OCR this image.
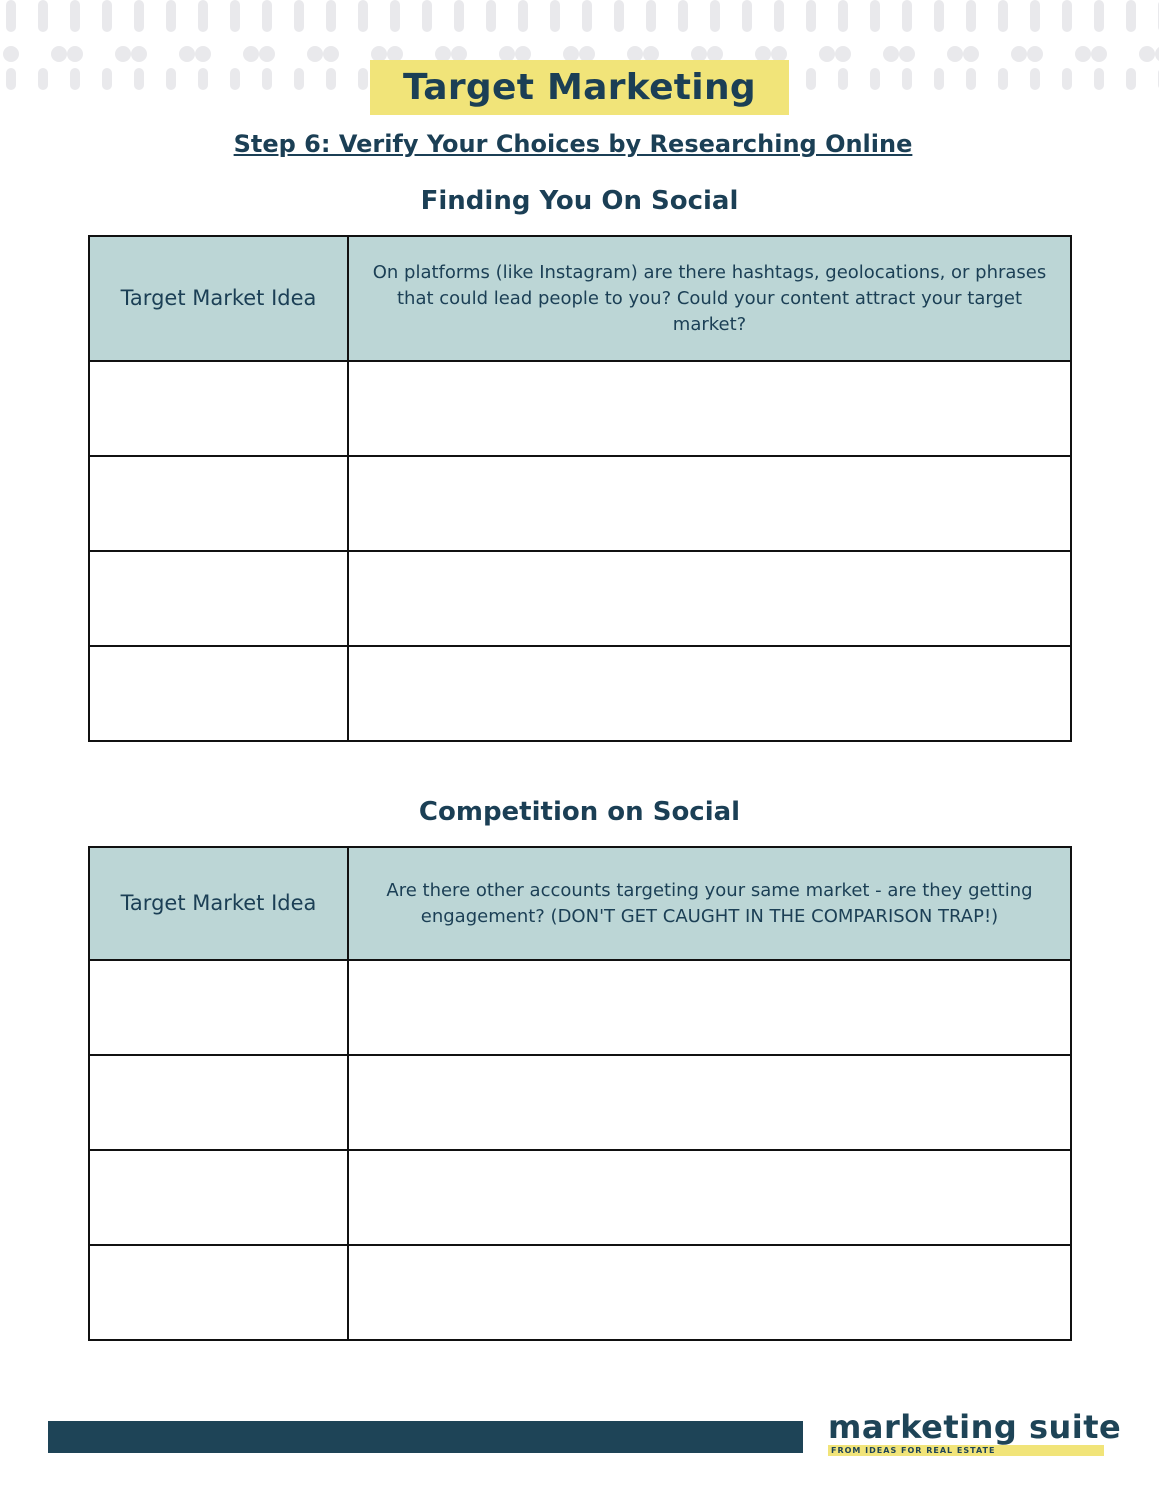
Target Marketing
Step 6: Verify Your Choices by Researching Online
Finding You On Social
Target Market Idea	On platforms (like Instagram) are there hashtags, geolocations, or phrases that could lead people to you? Could your content attract your target market?

Competition on Social
Target Market Idea	Are there other accounts targeting your same market - are they getting engagement? (DON'T GET CAUGHT IN THE COMPARISON TRAP!)

marketing suite
FROM IDEAS FOR REAL ESTATE
